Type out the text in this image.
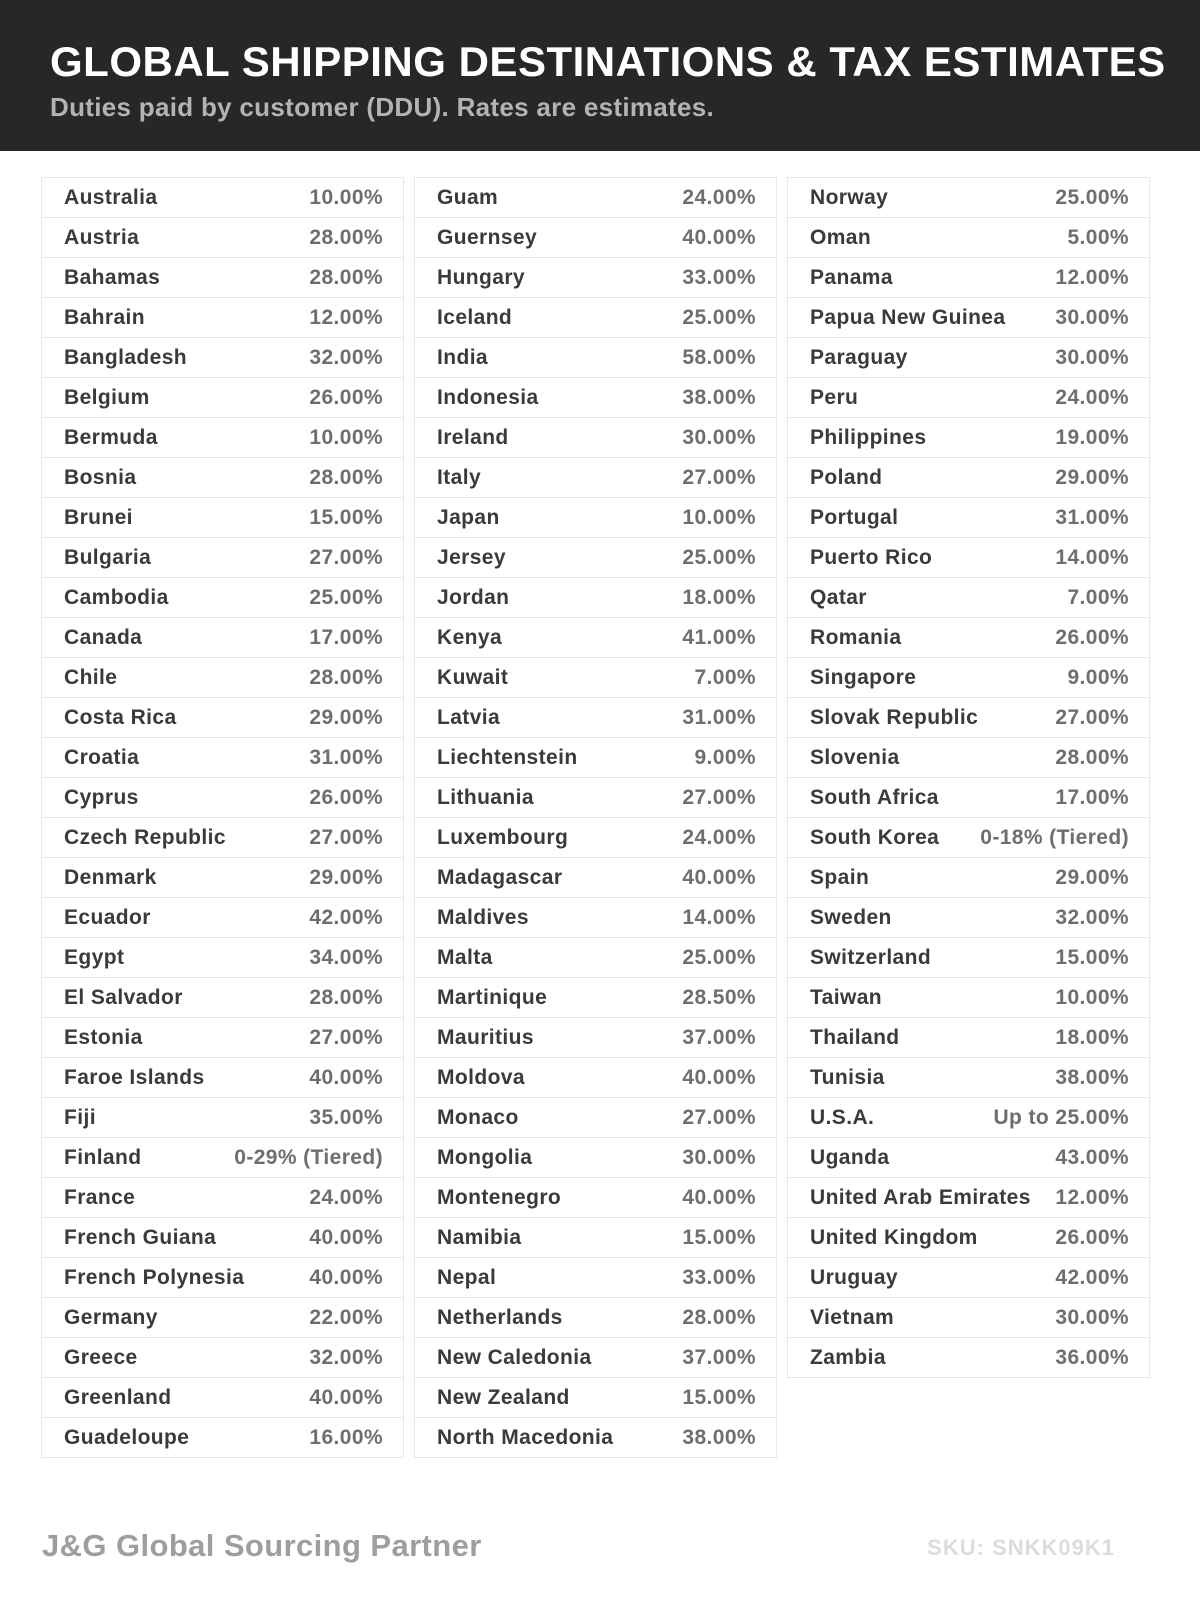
GLOBAL SHIPPING DESTINATIONS & TAX ESTIMATES
Duties paid by customer (DDU). Rates are estimates.
Australia	10.00%
Austria	28.00%
Bahamas	28.00%
Bahrain	12.00%
Bangladesh	32.00%
Belgium	26.00%
Bermuda	10.00%
Bosnia	28.00%
Brunei	15.00%
Bulgaria	27.00%
Cambodia	25.00%
Canada	17.00%
Chile	28.00%
Costa Rica	29.00%
Croatia	31.00%
Cyprus	26.00%
Czech Republic	27.00%
Denmark	29.00%
Ecuador	42.00%
Egypt	34.00%
El Salvador	28.00%
Estonia	27.00%
Faroe Islands	40.00%
Fiji	35.00%
Finland	0-29% (Tiered)
France	24.00%
French Guiana	40.00%
French Polynesia	40.00%
Germany	22.00%
Greece	32.00%
Greenland	40.00%
Guadeloupe	16.00%
Guam	24.00%
Guernsey	40.00%
Hungary	33.00%
Iceland	25.00%
India	58.00%
Indonesia	38.00%
Ireland	30.00%
Italy	27.00%
Japan	10.00%
Jersey	25.00%
Jordan	18.00%
Kenya	41.00%
Kuwait	7.00%
Latvia	31.00%
Liechtenstein	9.00%
Lithuania	27.00%
Luxembourg	24.00%
Madagascar	40.00%
Maldives	14.00%
Malta	25.00%
Martinique	28.50%
Mauritius	37.00%
Moldova	40.00%
Monaco	27.00%
Mongolia	30.00%
Montenegro	40.00%
Namibia	15.00%
Nepal	33.00%
Netherlands	28.00%
New Caledonia	37.00%
New Zealand	15.00%
North Macedonia	38.00%
Norway	25.00%
Oman	5.00%
Panama	12.00%
Papua New Guinea 30.00%
Paraguay	30.00%
Peru	24.00%
Philippines	19.00%
Poland	29.00%
Portugal	31.00%
Puerto Rico	14.00%
Qatar	7.00%
Romania	26.00%
Singapore	9.00%
Slovak Republic	27.00%
Slovenia	28.00%
South Africa	17.00%
South Korea 0-18% (Tiered)
Spain	29.00%
Sweden	32.00%
Switzerland	15.00%
Taiwan	10.00%
Thailand	18.00%
Tunisia	38.00%
U.S.A.	Up to 25.00%
Uganda	43.00%
United Arab Emirates 12.00%
United Kingdom	26.00%
Uruguay	42.00%
Vietnam	30.00%
Zambia	36.00%
J&G Global Sourcing Partner	SKU: SNKK09K1
